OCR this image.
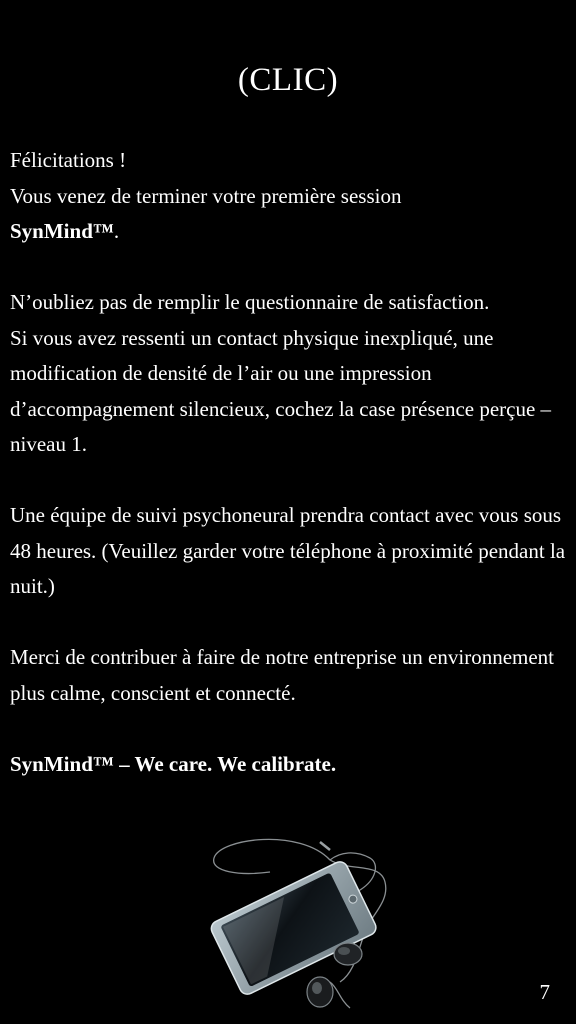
(CLIC)

Félicitations !

Vous venez de terminer votre première session
SynMind™.

N’oubliez pas de remplir le questionnaire de satisfaction.

Si vous avez ressenti un contact physique inexpliqué, une modification de densité de l’air ou une impression d’accompagnement silencieux, cochez la case présence perçue – niveau 1.

Une équipe de suivi psychoneural prendra contact avec vous sous 48 heures. (Veuillez garder votre téléphone à proximité pendant la nuit.)

Merci de contribuer à faire de notre entreprise un environnement plus calme, conscient et connecté.

SynMind™ – We care. We calibrate.

7
